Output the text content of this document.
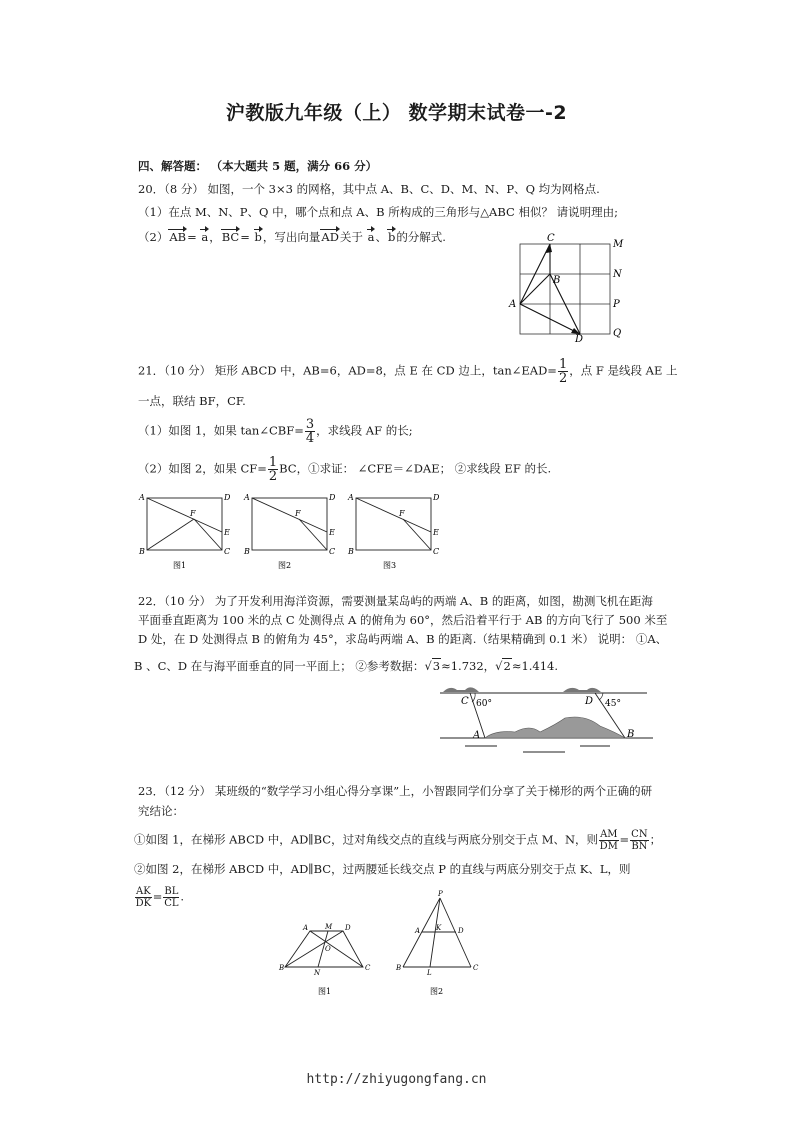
沪教版九年级（上） 数学期末试卷一-2
四、解答题： （本大题共 5 题，满分 66 分）
20．（8 分） 如图，一个 3×3 的网格，其中点 A、B、C、D、M、N、P、Q 均为网格点.
（1）在点 M、N、P、Q 中，哪个点和点 A、B 所构成的三角形与△ABC 相似？ 请说明理由;
（2）AB= a，BC= b，写出向量AD关于 a、b的分解式.
A
C
B
D
M
N
P
Q
21．（10 分） 矩形 ABCD 中，AB=6，AD=8，点 E 在 CD 边上，tan∠EAD= $\frac{1}{2}$ ，点 F 是线段 AE 上
一点，联结 BF，CF.
（1）如图 1，如果 tan∠CBF= $\frac{3}{4}$ ，求线段 AF 的长;
（2）如图 2，如果 $CF= \frac{1}{2}$ BC，①求证： ∠CFE＝∠DAE； ②求线段 EF 的长.
A	D
B	C
E
F
A	D
B	C
E
F
A	D
B	C
E
F
图1	图2	图3
22．（10 分） 为了开发利用海洋资源，需要测量某岛屿的两端 A、B 的距离，如图，勘测飞机在距海
平面垂直距离为 100 米的点 C 处测得点 A 的俯角为 60°，然后沿着平行于 AB 的方向飞行了 500 米至
D 处，在 D 处测得点 B 的俯角为 45°，求岛屿两端 A、B 的距离.（结果精确到 0.1 米） 说明： ①A、
B 、C、D 在与海平面垂直的同一平面上； ②参考数据：√3≈1.732，√2≈1.414.
C	D
A	B
60°	45°
23．（12 分） 某班级的“数学学习小组心得分享课”上，小智跟同学们分享了关于梯形的两个正确的研
究结论：
①如图 1，在梯形 ABCD 中，AD∥BC，过对角线交点的直线与两底分别交于点 M、N，则 $\frac{AM}{DM} = \frac{CN}{BN}$ ；
②如图 2，在梯形 ABCD 中，AD∥BC，过两腰延长线交点 P 的直线与两底分别交于点 K、L，则
$\frac{AK}{DK} = \frac{BL}{CL}$ .
A M D
O
B
N
C
P
A K D
B
L
C
图1	图2
http://zhiyugongfang.cn
